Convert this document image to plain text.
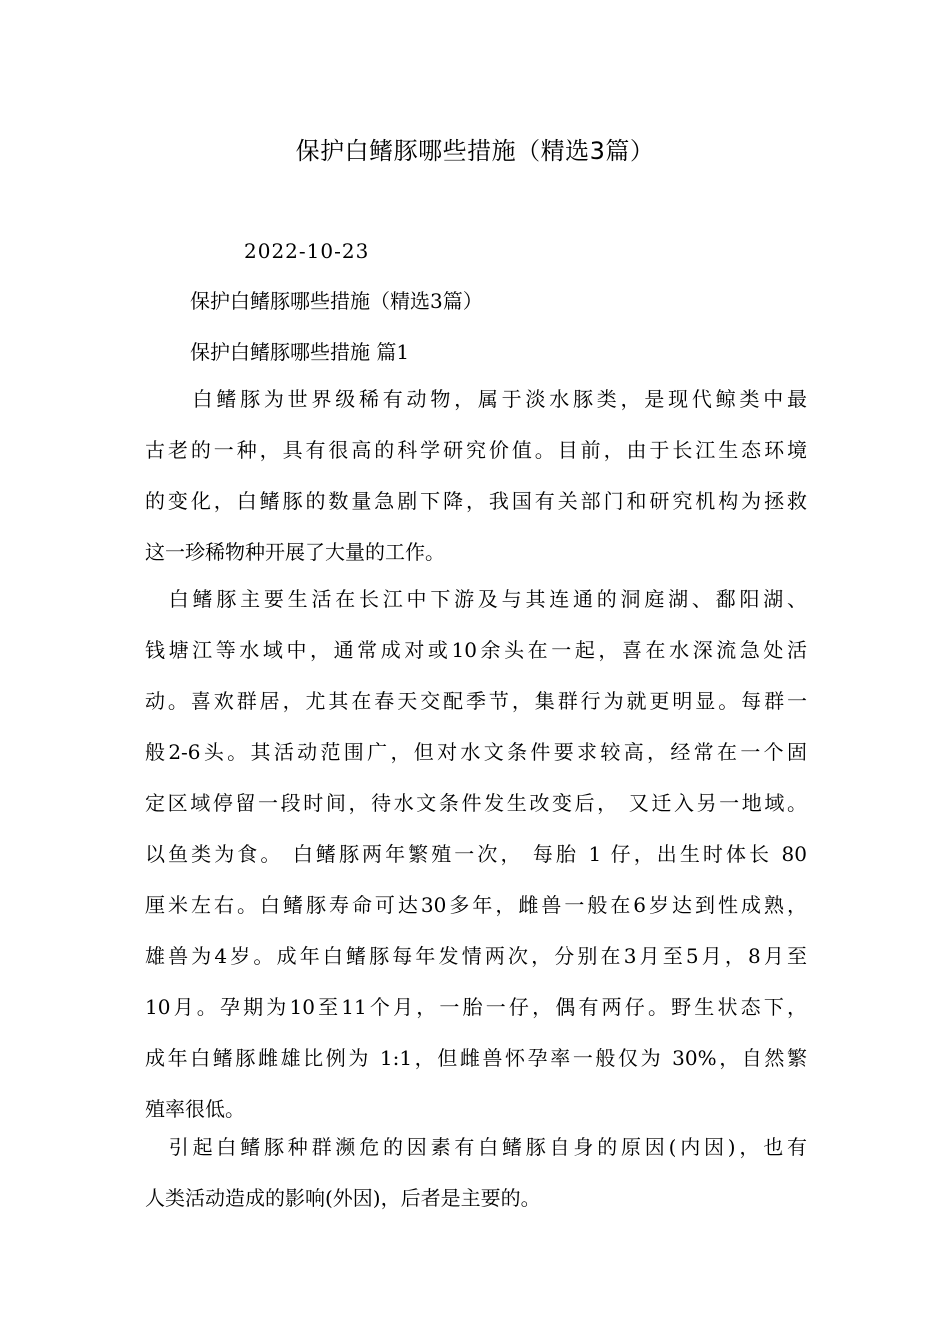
保护白鳍豚哪些措施（精选3篇）
2022-10-23
保护白鳍豚哪些措施（精选3篇）
保护白鳍豚哪些措施 篇1
　　白鳍豚为世界级稀有动物，属于淡水豚类，是现代鲸类中最
古老的一种，具有很高的科学研究价值。目前，由于长江生态环境
的变化，白鳍豚的数量急剧下降，我国有关部门和研究机构为拯救
这一珍稀物种开展了大量的工作。
　白鳍豚主要生活在长江中下游及与其连通的洞庭湖、鄱阳湖、
钱塘江等水域中，通常成对或10余头在一起，喜在水深流急处活
动。喜欢群居，尤其在春天交配季节，集群行为就更明显。每群一
般2-6头。其活动范围广，但对水文条件要求较高，经常在一个固
定区域停留一段时间，待水文条件发生改变后， 又迁入另一地域。
以鱼类为食。 白鳍豚两年繁殖一次， 每胎 1 仔，出生时体长 80
厘米左右。白鳍豚寿命可达30多年，雌兽一般在6岁达到性成熟，
雄兽为4岁。成年白鳍豚每年发情两次，分别在3月至5月，8月至
10月。孕期为10至11个月，一胎一仔，偶有两仔。野生状态下，
成年白鳍豚雌雄比例为 1:1，但雌兽怀孕率一般仅为 30%，自然繁
殖率很低。
　引起白鳍豚种群濒危的因素有白鳍豚自身的原因(内因)，也有
人类活动造成的影响(外因)，后者是主要的。
